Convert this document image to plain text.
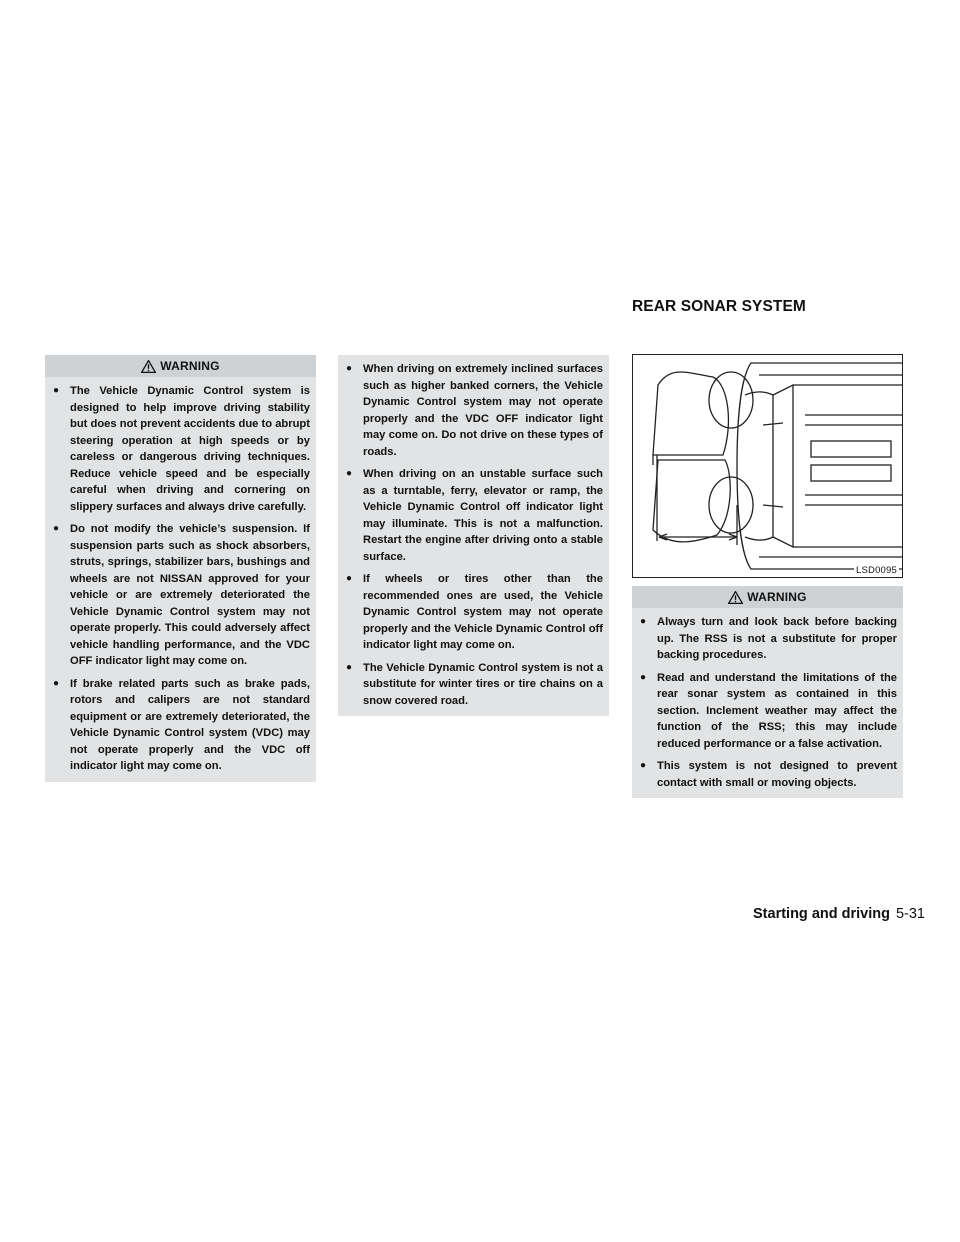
REAR SONAR SYSTEM
WARNING
● The Vehicle Dynamic Control system is designed to help improve driving stability but does not prevent accidents due to abrupt steering operation at high speeds or by careless or dangerous driving techniques. Reduce vehicle speed and be especially careful when driving and cornering on slippery surfaces and always drive carefully.
● Do not modify the vehicle’s suspension. If suspension parts such as shock absorbers, struts, springs, stabilizer bars, bushings and wheels are not NISSAN approved for your vehicle or are extremely deteriorated the Vehicle Dynamic Control system may not operate properly. This could adversely affect vehicle handling performance, and the VDC OFF indicator light may come on.
● If brake related parts such as brake pads, rotors and calipers are not standard equipment or are extremely deteriorated, the Vehicle Dynamic Control system (VDC) may not operate properly and the VDC off indicator light may come on.
● When driving on extremely inclined surfaces such as higher banked corners, the Vehicle Dynamic Control system may not operate properly and the VDC OFF indicator light may come on. Do not drive on these types of roads.
● When driving on an unstable surface such as a turntable, ferry, elevator or ramp, the Vehicle Dynamic Control off indicator light may illuminate. This is not a malfunction. Restart the engine after driving onto a stable surface.
● If wheels or tires other than the recommended ones are used, the Vehicle Dynamic Control system may not operate properly and the Vehicle Dynamic Control off indicator light may come on.
● The Vehicle Dynamic Control system is not a substitute for winter tires or tire chains on a snow covered road.
LSD0095
WARNING
● Always turn and look back before backing up. The RSS is not a substitute for proper backing procedures.
● Read and understand the limitations of the rear sonar system as contained in this section. Inclement weather may affect the function of the RSS; this may include reduced performance or a false activation.
● This system is not designed to prevent contact with small or moving objects.
Starting and driving 5-31
